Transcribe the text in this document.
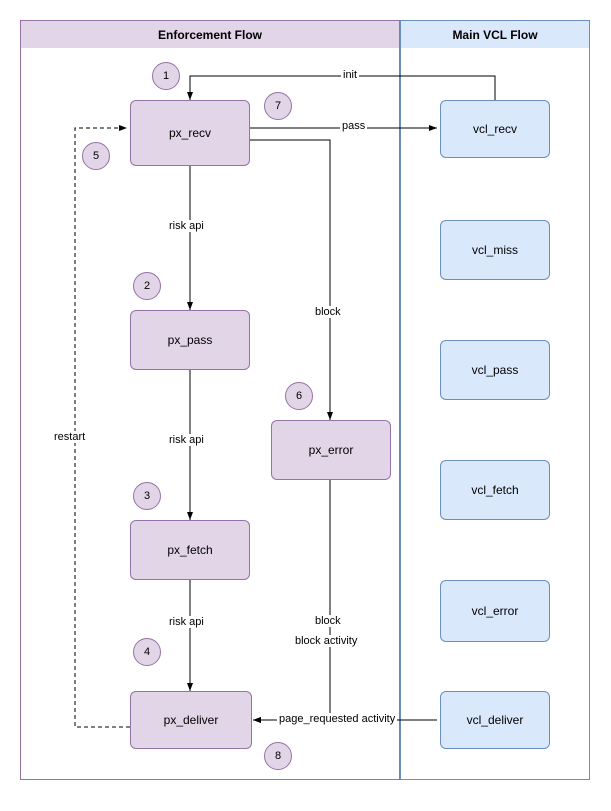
Enforcement Flow	Main VCL Flow
px_recv
px_pass
px_error
px_fetch
px_deliver
vcl_recv
vcl_miss
vcl_pass
vcl_fetch
vcl_error
vcl_deliver
1
2
3
4
5
6
7
8
init
pass
risk api
risk api
risk api
block
block
block activity
restart
page_requested activity
